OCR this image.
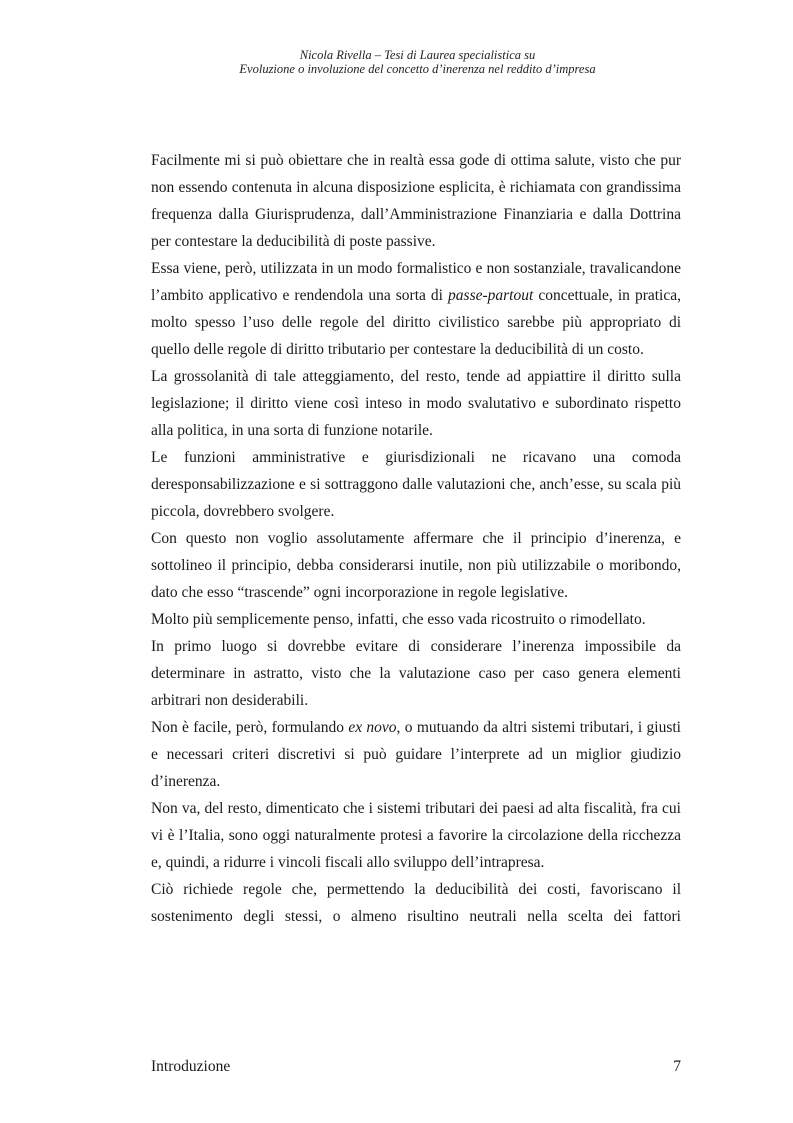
Nicola Rivella – Tesi di Laurea specialistica su
Evoluzione o involuzione del concetto d’inerenza nel reddito d’impresa

Facilmente mi si può obiettare che in realtà essa gode di ottima salute, visto che pur non essendo contenuta in alcuna disposizione esplicita, è richiamata con grandissima frequenza dalla Giurisprudenza, dall’Amministrazione Finanziaria e dalla Dottrina per contestare la deducibilità di poste passive.

Essa viene, però, utilizzata in un modo formalistico e non sostanziale, travalicandone l’ambito applicativo e rendendola una sorta di passe-partout concettuale, in pratica, molto spesso l’uso delle regole del diritto civilistico sarebbe più appropriato di quello delle regole di diritto tributario per contestare la deducibilità di un costo.

La grossolanità di tale atteggiamento, del resto, tende ad appiattire il diritto sulla legislazione; il diritto viene così inteso in modo svalutativo e subordinato rispetto alla politica, in una sorta di funzione notarile.

Le funzioni amministrative e giurisdizionali ne ricavano una comoda deresponsabilizzazione e si sottraggono dalle valutazioni che, anch’esse, su scala più piccola, dovrebbero svolgere.

Con questo non voglio assolutamente affermare che il principio d’inerenza, e sottolineo il principio, debba considerarsi inutile, non più utilizzabile o moribondo, dato che esso “trascende” ogni incorporazione in regole legislative.

Molto più semplicemente penso, infatti, che esso vada ricostruito o rimodellato.

In primo luogo si dovrebbe evitare di considerare l’inerenza impossibile da determinare in astratto, visto che la valutazione caso per caso genera elementi arbitrari non desiderabili.

Non è facile, però, formulando ex novo, o mutuando da altri sistemi tributari, i giusti e necessari criteri discretivi si può guidare l’interprete ad un miglior giudizio d’inerenza.

Non va, del resto, dimenticato che i sistemi tributari dei paesi ad alta fiscalità, fra cui vi è l’Italia, sono oggi naturalmente protesi a favorire la circolazione della ricchezza e, quindi, a ridurre i vincoli fiscali allo sviluppo dell’intrapresa.

Ciò richiede regole che, permettendo la deducibilità dei costi, favoriscano il sostenimento degli stessi, o almeno risultino neutrali nella scelta dei fattori

Introduzione	7
